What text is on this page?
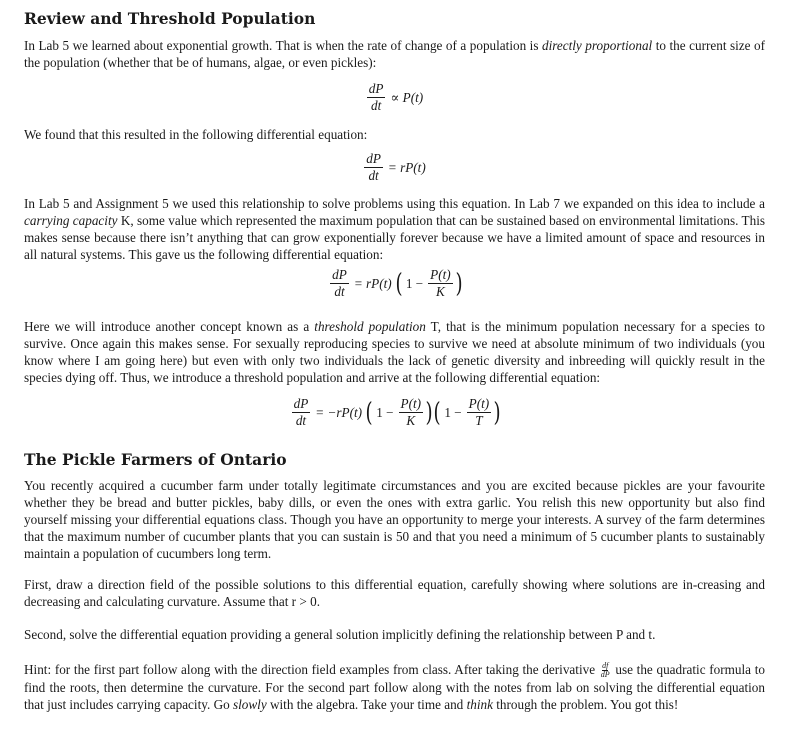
Review and Threshold Population

In Lab 5 we learned about exponential growth. That is when the rate of change of a population is directly proportional to the current size of the population (whether that be of humans, algae, or even pickles):

$\frac{dP}{dt} \propto P(t)$

We found that this resulted in the following differential equation:

$\frac{dP}{dt} = rP(t)$

In Lab 5 and Assignment 5 we used this relationship to solve problems using this equation. In Lab 7 we expanded on this idea to include a carrying capacity K, some value which represented the maximum population that can be sustained based on environmental limitations. This makes sense because there isn’t anything that can grow exponentially forever because we have a limited amount of space and resources in all natural systems. This gave us the following differential equation:

$\frac{dP}{dt} = rP(t)$ ( $1 - \frac{P(t)}{K}$ )

Here we will introduce another concept known as a threshold population T, that is the minimum population necessary for a species to survive. Once again this makes sense. For sexually reproducing species to survive we need at absolute minimum of two individuals (you know where I am going here) but even with only two individuals the lack of genetic diversity and inbreeding will quickly result in the species dying off. Thus, we introduce a threshold population and arrive at the following differential equation:

$\frac{dP}{dt} = -rP(t)$ ( $1 - \frac{P(t)}{K}$ ) ( $1 - \frac{P(t)}{T}$ )
The Pickle Farmers of Ontario

You recently acquired a cucumber farm under totally legitimate circumstances and you are excited because pickles are your favourite whether they be bread and butter pickles, baby dills, or even the ones with extra garlic. You relish this new opportunity but also find yourself missing your differential equations class. Though you have an opportunity to merge your interests. A survey of the farm determines that the maximum number of cucumber plants that you can sustain is 50 and that you need a minimum of 5 cucumber plants to sustainably maintain a population of cucumbers long term.

First, draw a direction field of the possible solutions to this differential equation, carefully showing where solutions are in-creasing and decreasing and calculating curvature. Assume that r > 0.

Second, solve the differential equation providing a general solution implicitly defining the relationship between P and t.

Hint: for the first part follow along with the direction field examples from class. After taking the derivative $\frac{df}{dP}$ use the quadratic formula to find the roots, then determine the curvature. For the second part follow along with the notes from lab on solving the differential equation that just includes carrying capacity. Go slowly with the algebra. Take your time and think through the problem. You got this!
